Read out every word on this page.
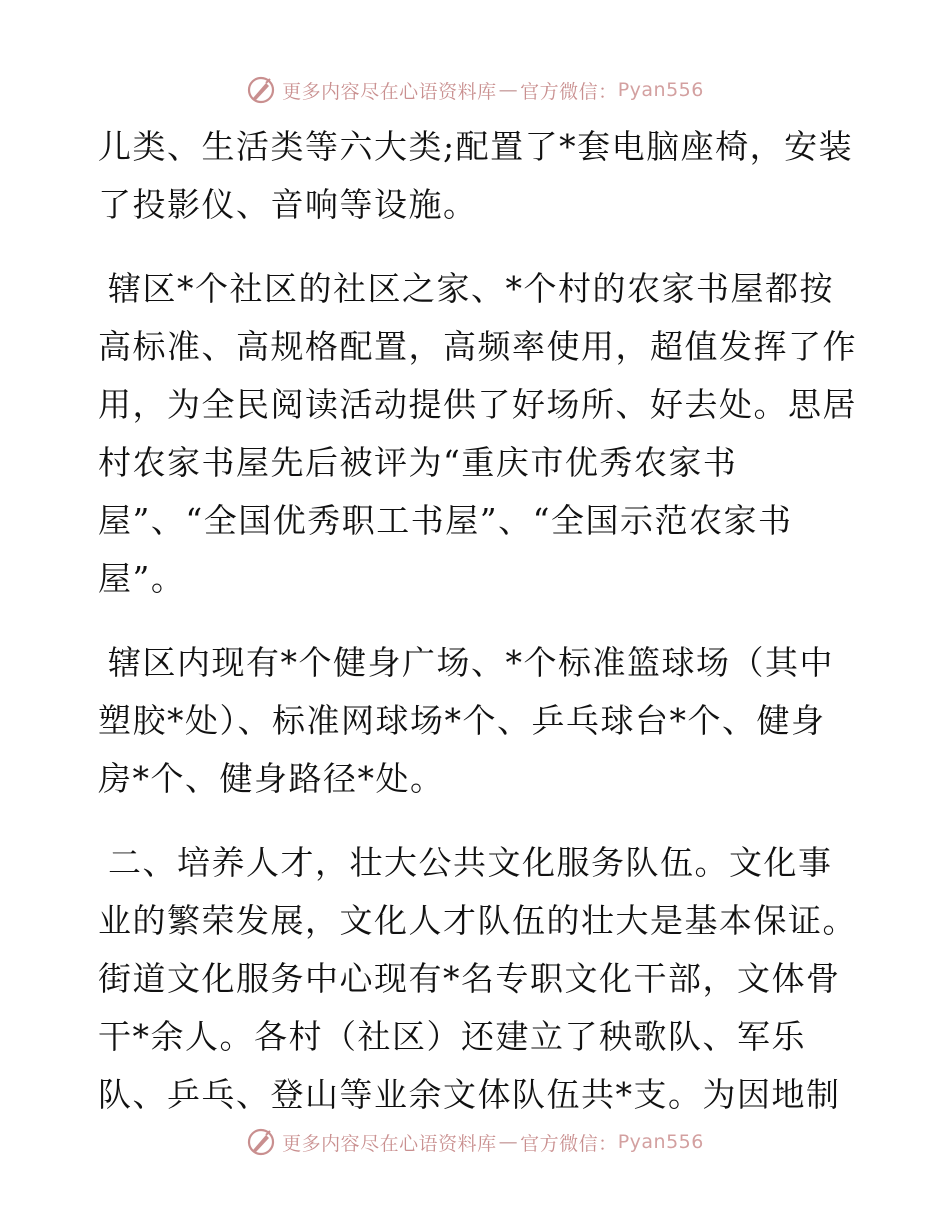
更多内容尽在心语资料库 — 官方微信： Pyan556

儿类、生活类等六大类;配置了*套电脑座椅，安装
了投影仪、音响等设施。

辖区*个社区的社区之家、*个村的农家书屋都按
高标准、高规格配置，高频率使用，超值发挥了作
用，为全民阅读活动提供了好场所、好去处。思居
村农家书屋先后被评为“重庆市优秀农家书
屋”、“全国优秀职工书屋”、“全国示范农家书
屋”。

辖区内现有*个健身广场、*个标准篮球场（其中
塑胶*处）、标准网球场*个、乒乓球台*个、健身
房*个、健身路径*处。

二、培养人才，壮大公共文化服务队伍。文化事
业的繁荣发展，文化人才队伍的壮大是基本保证。
街道文化服务中心现有*名专职文化干部，文体骨
干*余人。各村（社区）还建立了秧歌队、军乐
队、乒乓、登山等业余文体队伍共*支。为因地制

更多内容尽在心语资料库 — 官方微信： Pyan556
